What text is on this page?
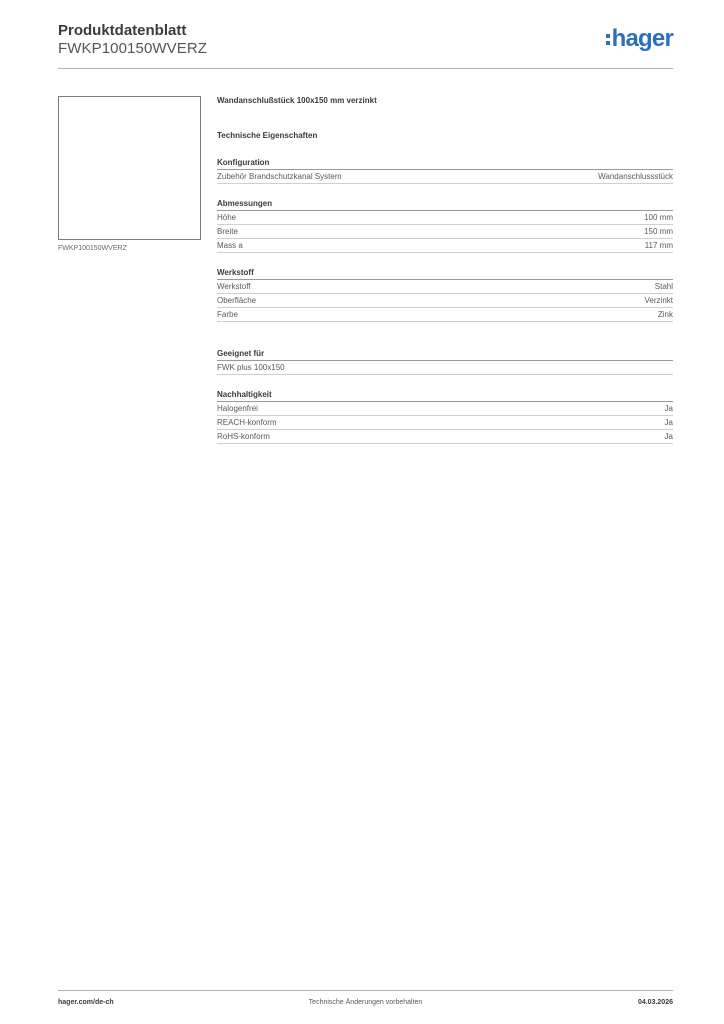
Produktdatenblatt
FWKP100150WVERZ	hager
FWKP100150WVERZ
Wandanschlußstück 100x150 mm verzinkt
Technische Eigenschaften
Konfiguration
Zubehör Brandschutzkanal System	Wandanschlussstück
Abmessungen
Höhe	100 mm
Breite	150 mm
Mass a	117 mm
Werkstoff
Werkstoff	Stahl
Oberfläche	Verzinkt
Farbe	Zink
Geeignet für
FWK plus 100x150
Nachhaltigkeit
Halogenfrei	Ja
REACH-konform	Ja
RoHS-konform	Ja
hager.com/de-ch	Technische Änderungen vorbehalten	04.03.2026
